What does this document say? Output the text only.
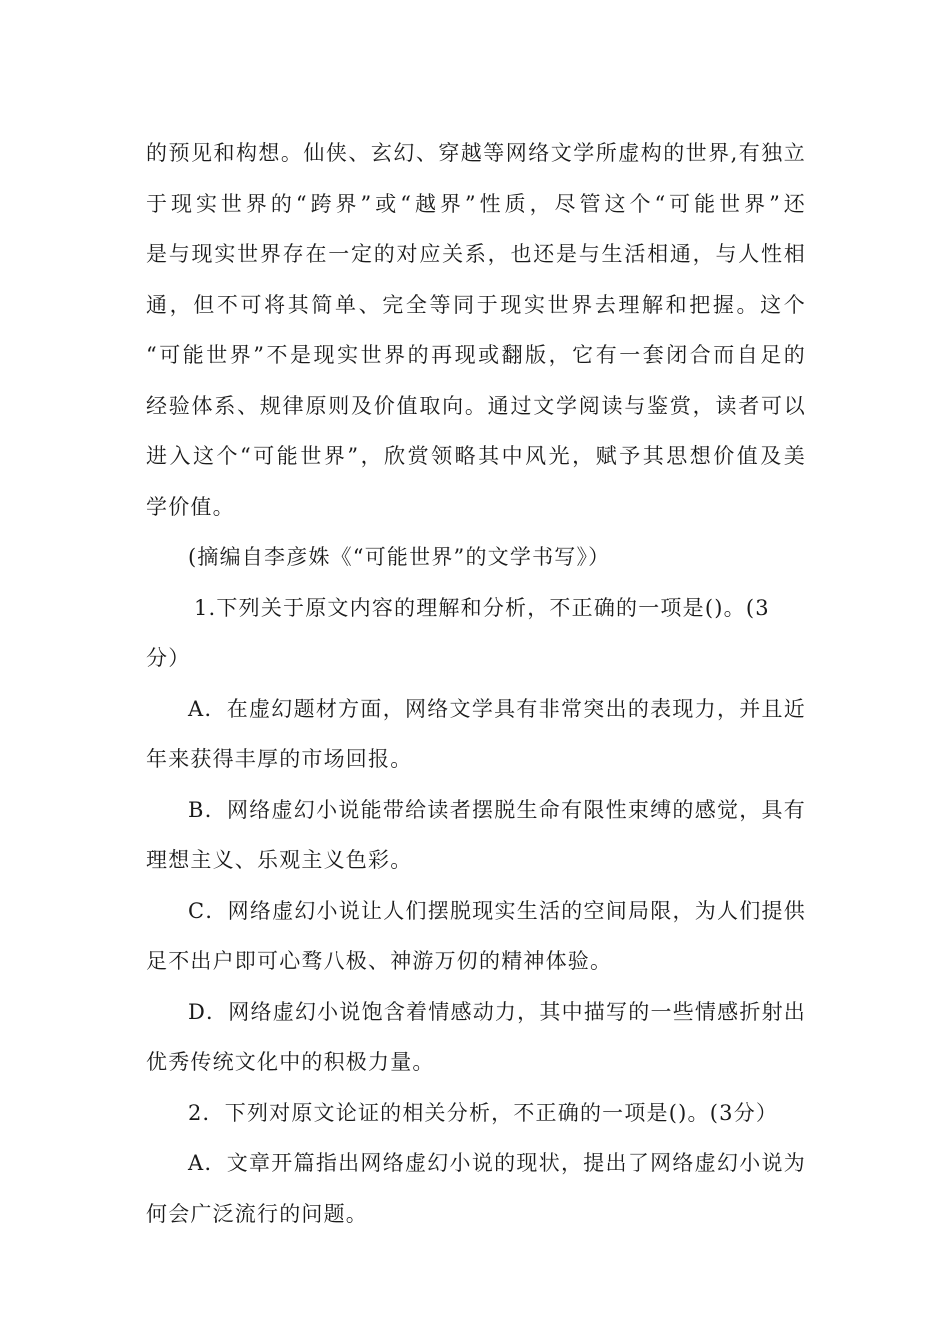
的预见和构想。仙侠、玄幻、穿越等网络文学所虚构的世界,有独立
于现实世界的“跨界”或“越界”性质，尽管这个“可能世界”还
是与现实世界存在一定的对应关系，也还是与生活相通，与人性相
通，但不可将其简单、完全等同于现实世界去理解和把握。这个
“可能世界”不是现实世界的再现或翻版，它有一套闭合而自足的
经验体系、规律原则及价值取向。通过文学阅读与鉴赏，读者可以
进入这个“可能世界”，欣赏领略其中风光，赋予其思想价值及美
学价值。
(摘编自李彦姝《“可能世界”的文学书写》）
1.下列关于原文内容的理解和分析，不正确的一项是()。(3
分）
A．在虚幻题材方面，网络文学具有非常突出的表现力，并且近
年来获得丰厚的市场回报。
B．网络虚幻小说能带给读者摆脱生命有限性束缚的感觉，具有
理想主义、乐观主义色彩。
C．网络虚幻小说让人们摆脱现实生活的空间局限，为人们提供
足不出户即可心骛八极、神游万仞的精神体验。
D．网络虚幻小说饱含着情感动力，其中描写的一些情感折射出
优秀传统文化中的积极力量。
2．下列对原文论证的相关分析，不正确的一项是()。(3分）
A．文章开篇指出网络虚幻小说的现状，提出了网络虚幻小说为
何会广泛流行的问题。
